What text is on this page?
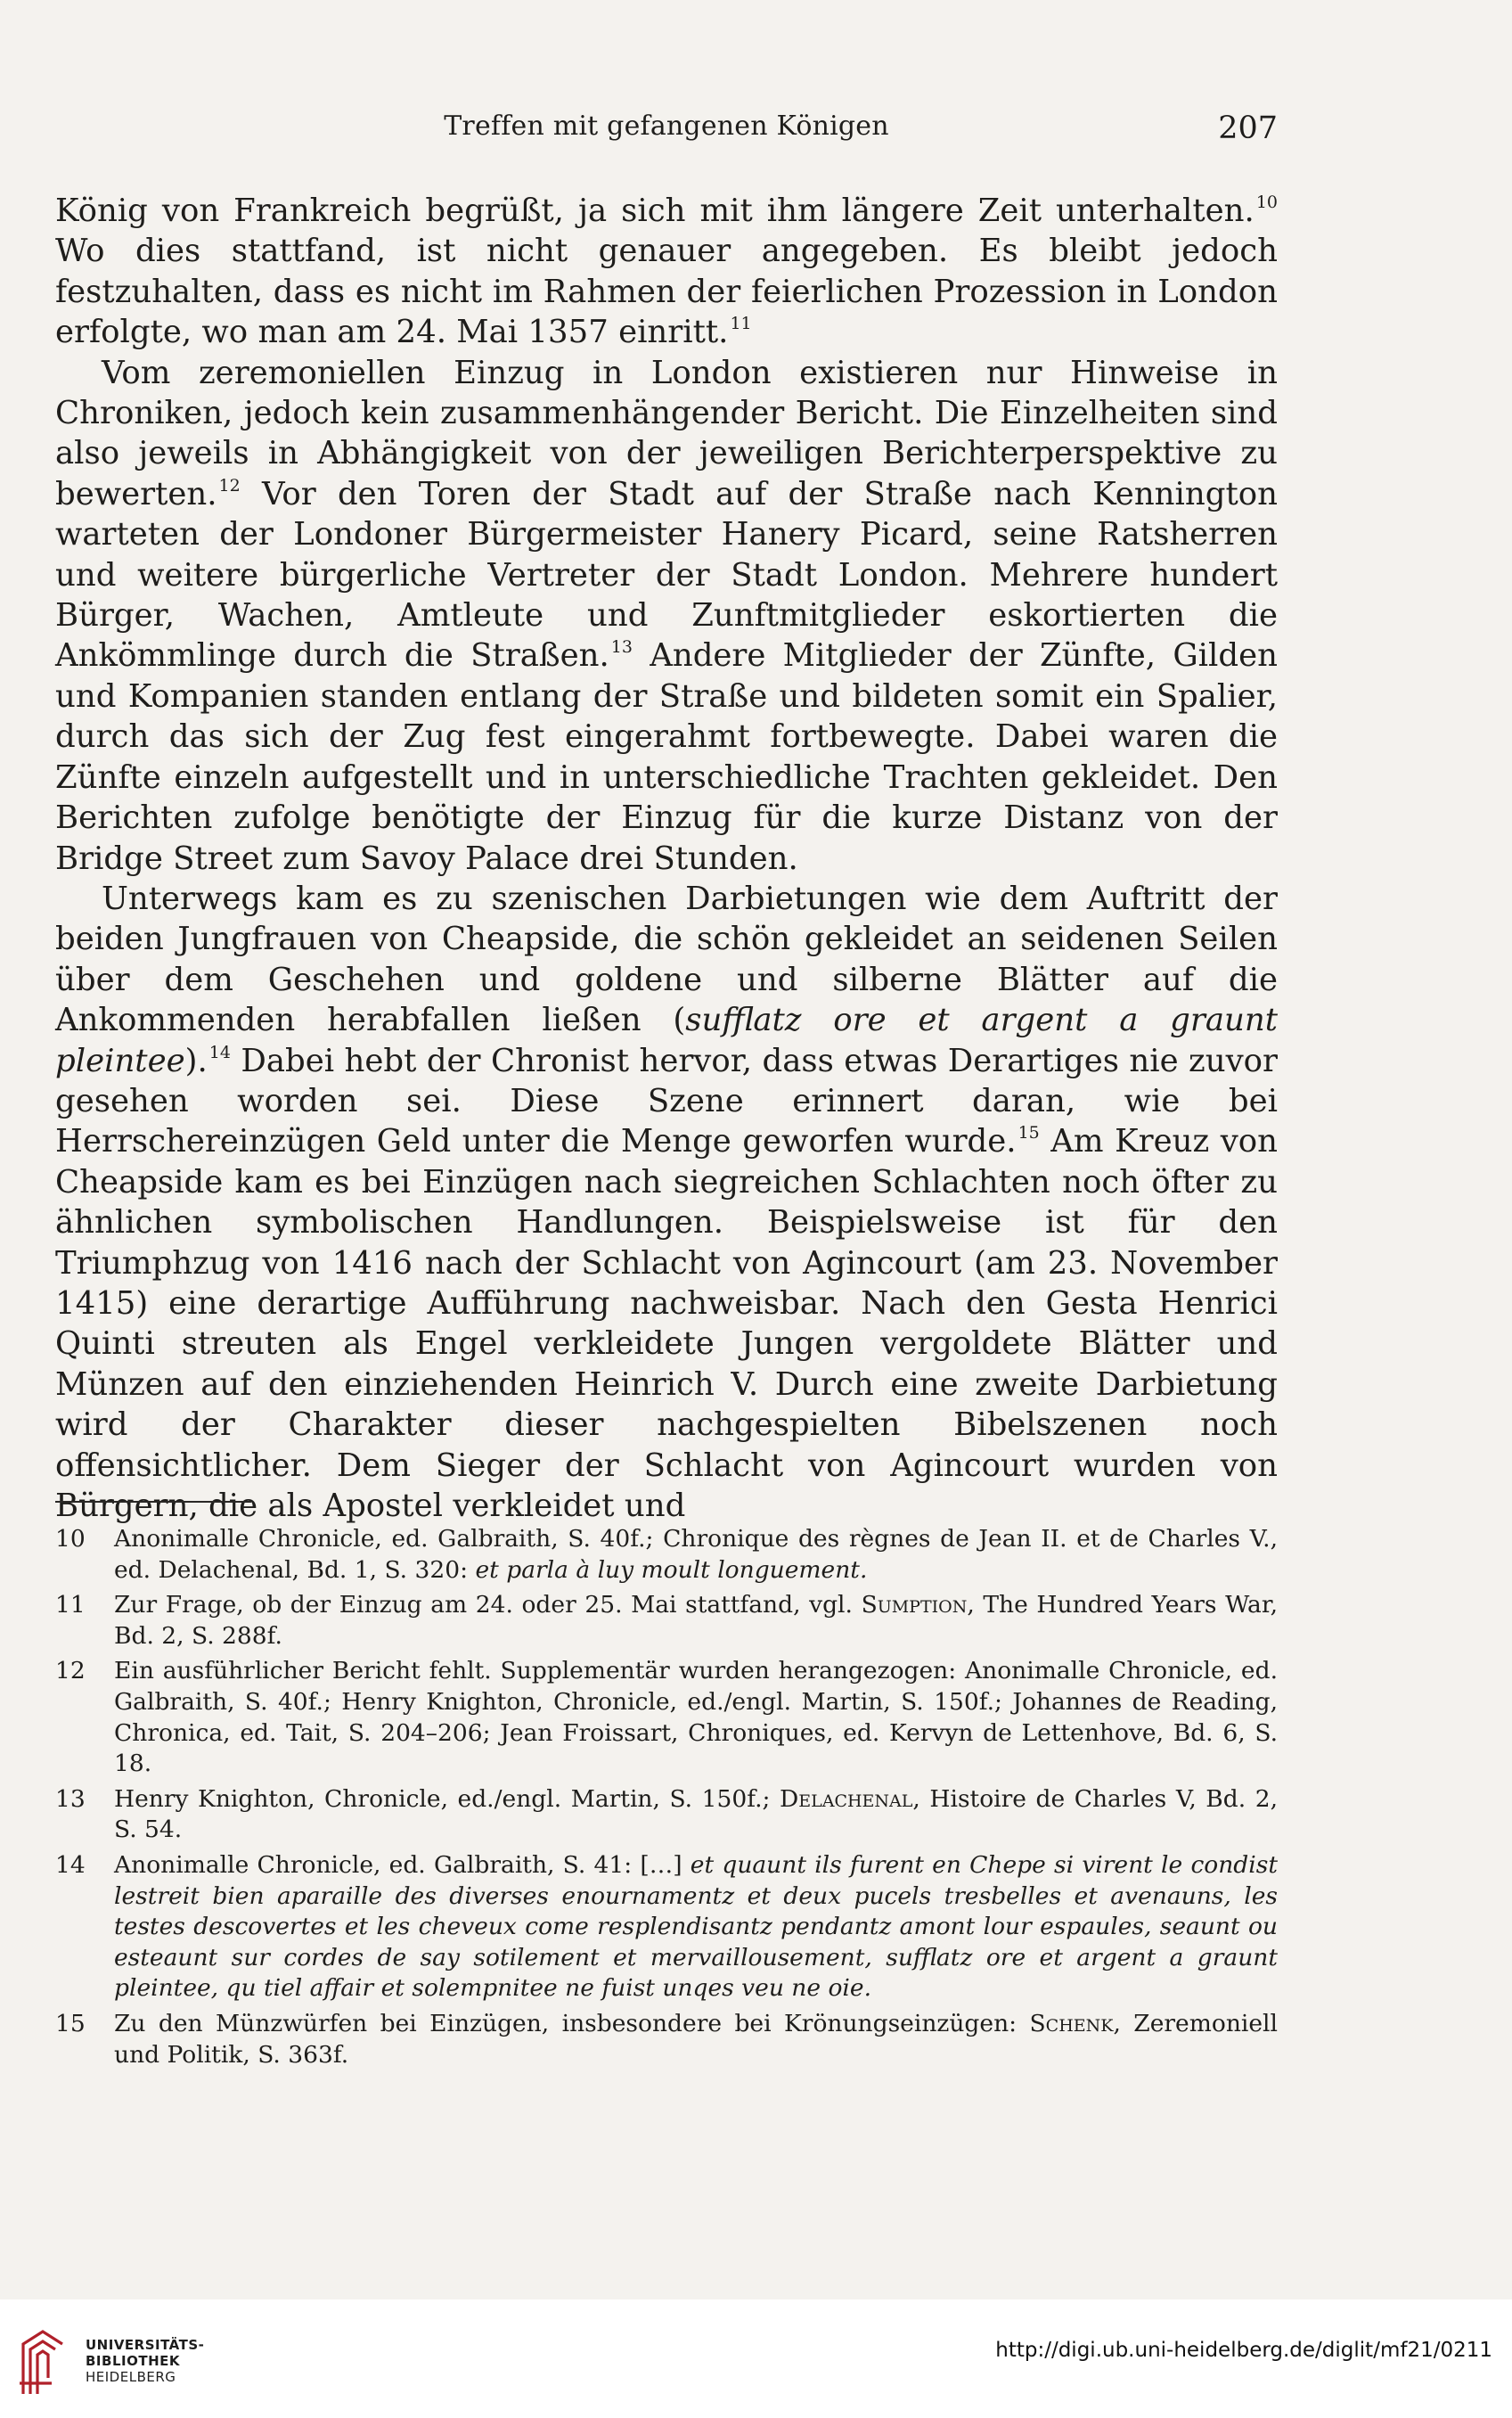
Treffen mit gefangenen Königen	207

König von Frankreich begrüßt, ja sich mit ihm längere Zeit unterhalten. $^{10}$ Wo dies stattfand, ist nicht genauer angegeben. Es bleibt jedoch festzuhalten, dass es nicht im Rahmen der feierlichen Prozession in London erfolgte, wo man am 24. Mai 1357 einritt. $^{11}$

Vom zeremoniellen Einzug in London existieren nur Hinweise in Chroniken, jedoch kein zusammenhängender Bericht. Die Einzelheiten sind also jeweils in Abhängigkeit von der jeweiligen Berichterperspektive zu bewerten. $^{12}$ Vor den Toren der Stadt auf der Straße nach Kennington warteten der Londoner Bürgermeister Hanery Picard, seine Ratsherren und weitere bürgerliche Vertreter der Stadt London. Mehrere hundert Bürger, Wachen, Amtleute und Zunftmitglieder eskortierten die Ankömmlinge durch die Straßen. $^{13}$ Andere Mitglieder der Zünfte, Gilden und Kompanien standen entlang der Straße und bildeten somit ein Spalier, durch das sich der Zug fest eingerahmt fortbewegte. Dabei waren die Zünfte einzeln aufgestellt und in unterschiedliche Trachten gekleidet. Den Berichten zufolge benötigte der Einzug für die kurze Distanz von der Bridge Street zum Savoy Palace drei Stunden.

Unterwegs kam es zu szenischen Darbietungen wie dem Auftritt der beiden Jungfrauen von Cheapside, die schön gekleidet an seidenen Seilen über dem Geschehen und goldene und silberne Blätter auf die Ankommenden herabfallen ließen (sufflatz ore et argent a graunt pleintee). $^{14}$ Dabei hebt der Chronist hervor, dass etwas Derartiges nie zuvor gesehen worden sei. Diese Szene erinnert daran, wie bei Herrschereinzügen Geld unter die Menge geworfen wurde. $^{15}$ Am Kreuz von Cheapside kam es bei Einzügen nach siegreichen Schlachten noch öfter zu ähnlichen symbolischen Handlungen. Beispielsweise ist für den Triumphzug von 1416 nach der Schlacht von Agincourt (am 23. November 1415) eine derartige Aufführung nachweisbar. Nach den Gesta Henrici Quinti streuten als Engel verkleidete Jungen vergoldete Blätter und Münzen auf den einziehenden Heinrich V. Durch eine zweite Darbietung wird der Charakter dieser nachgespielten Bibelszenen noch offensichtlicher. Dem Sieger der Schlacht von Agincourt wurden von Bürgern, die als Apostel verkleidet und

10	Anonimalle Chronicle, ed. Galbraith, S. 40f.; Chronique des règnes de Jean II. et de Charles V., ed. Delachenal, Bd. 1, S. 320: et parla à luy moult longuement.
11	Zur Frage, ob der Einzug am 24. oder 25. Mai stattfand, vgl. Sumption, The Hundred Years War, Bd. 2, S. 288f.
12	Ein ausführlicher Bericht fehlt. Supplementär wurden herangezogen: Anonimalle Chronicle, ed. Galbraith, S. 40f.; Henry Knighton, Chronicle, ed./engl. Martin, S. 150f.; Johannes de Reading, Chronica, ed. Tait, S. 204–206; Jean Froissart, Chroniques, ed. Kervyn de Lettenhove, Bd. 6, S. 18.
13	Henry Knighton, Chronicle, ed./engl. Martin, S. 150f.; Delachenal, Histoire de Charles V, Bd. 2, S. 54.
14	Anonimalle Chronicle, ed. Galbraith, S. 41: […] et quaunt ils furent en Chepe si virent le condist lestreit bien aparaille des diverses enournamentz et deux pucels tresbelles et avenauns, les testes descovertes et les cheveux come resplendisantz pendantz amont lour espaules, seaunt ou esteaunt sur cordes de say sotilement et mervaillousement, sufflatz ore et argent a graunt pleintee, qu tiel affair et solempnitee ne fuist unqes veu ne oie.
15	Zu den Münzwürfen bei Einzügen, insbesondere bei Krönungseinzügen: Schenk, Zeremoniell und Politik, S. 363f.
UNIVERSITÄTS-
BIBLIOTHEK
HEIDELBERG
http://digi.ub.uni-heidelberg.de/diglit/mf21/0211
